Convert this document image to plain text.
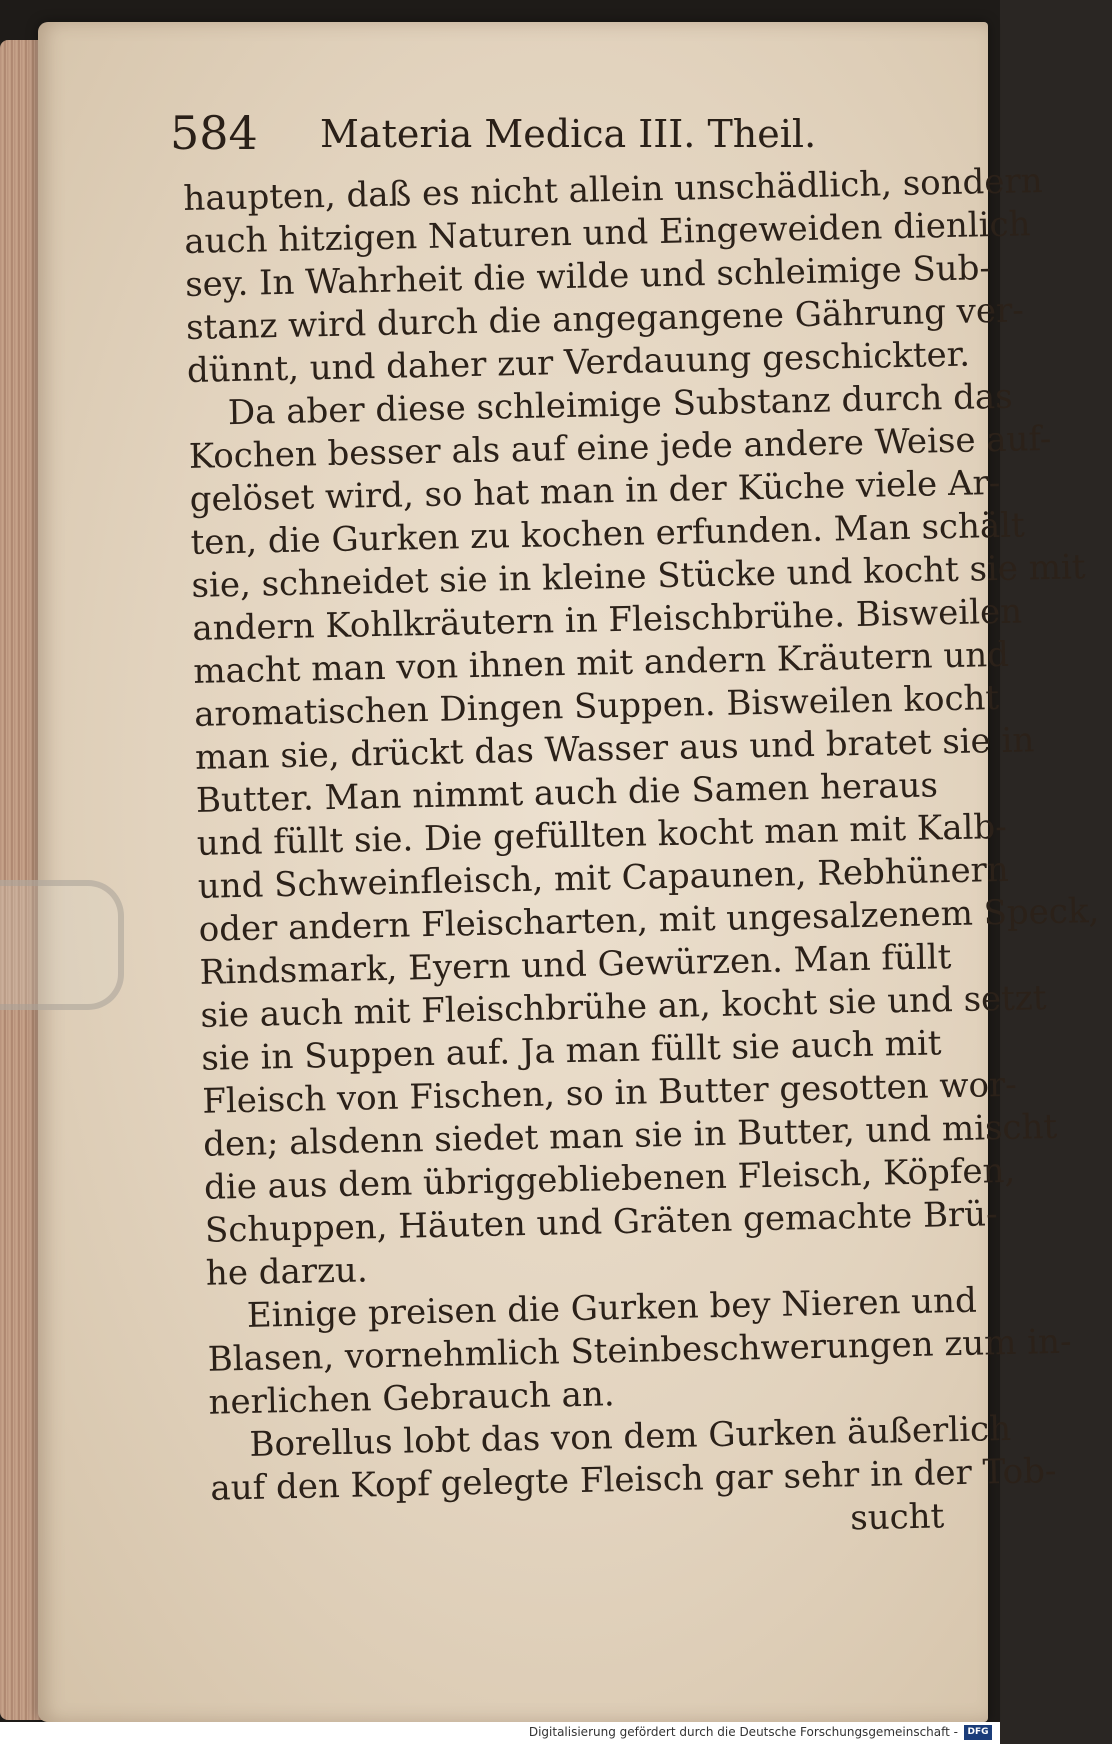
584 Materia Medica III. Theil.
haupten, daß es nicht allein unschädlich, sondern
auch hitzigen Naturen und Eingeweiden dienlich
sey. In Wahrheit die wilde und schleimige Sub-
stanz wird durch die angegangene Gährung ver-
dünnt, und daher zur Verdauung geschickter.
Da aber diese schleimige Substanz durch das
Kochen besser als auf eine jede andere Weise auf-
gelöset wird, so hat man in der Küche viele Ar-
ten, die Gurken zu kochen erfunden. Man schält
sie, schneidet sie in kleine Stücke und kocht sie mit
andern Kohlkräutern in Fleischbrühe. Bisweilen
macht man von ihnen mit andern Kräutern und
aromatischen Dingen Suppen. Bisweilen kocht
man sie, drückt das Wasser aus und bratet sie in
Butter. Man nimmt auch die Samen heraus
und füllt sie. Die gefüllten kocht man mit Kalb-
und Schweinfleisch, mit Capaunen, Rebhünern
oder andern Fleischarten, mit ungesalzenem Speck,
Rindsmark, Eyern und Gewürzen. Man füllt
sie auch mit Fleischbrühe an, kocht sie und setzt
sie in Suppen auf. Ja man füllt sie auch mit
Fleisch von Fischen, so in Butter gesotten wor-
den; alsdenn siedet man sie in Butter, und mischt
die aus dem übriggebliebenen Fleisch, Köpfen,
Schuppen, Häuten und Gräten gemachte Brü-
he darzu.
Einige preisen die Gurken bey Nieren und
Blasen, vornehmlich Steinbeschwerungen zum in-
nerlichen Gebrauch an.
Borellus lobt das von dem Gurken äußerlich
auf den Kopf gelegte Fleisch gar sehr in der Tob-
sucht
Digitalisierung gefördert durch die Deutsche Forschungsgemeinschaft -	DFG
